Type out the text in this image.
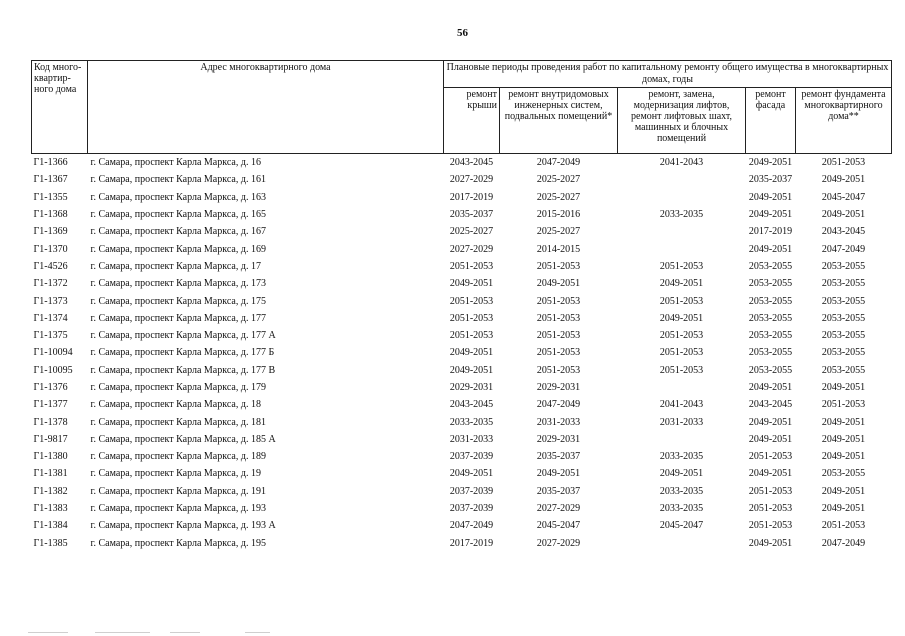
56
Код много-квартир-ного дома	Адрес многоквартирного дома	Плановые периоды проведения работ по капитальному ремонту общего имущества в многоквартирных домах, годы				
		ремонт крыши	ремонт внутридомовых инженерных систем, подвальных помещений*	ремонт, замена, модернизация лифтов, ремонт лифтовых шахт, машинных и блочных помещений	ремонт фасада	ремонт фундамента многоквартирного дома**
Г1-1366	г. Самара, проспект Карла Маркса, д. 16	2043-2045	2047-2049	2041-2043	2049-2051	2051-2053
Г1-1367	г. Самара, проспект Карла Маркса, д. 161	2027-2029	2025-2027		2035-2037	2049-2051
Г1-1355	г. Самара, проспект Карла Маркса, д. 163	2017-2019	2025-2027		2049-2051	2045-2047
Г1-1368	г. Самара, проспект Карла Маркса, д. 165	2035-2037	2015-2016	2033-2035	2049-2051	2049-2051
Г1-1369	г. Самара, проспект Карла Маркса, д. 167	2025-2027	2025-2027		2017-2019	2043-2045
Г1-1370	г. Самара, проспект Карла Маркса, д. 169	2027-2029	2014-2015		2049-2051	2047-2049
Г1-4526	г. Самара, проспект Карла Маркса, д. 17	2051-2053	2051-2053	2051-2053	2053-2055	2053-2055
Г1-1372	г. Самара, проспект Карла Маркса, д. 173	2049-2051	2049-2051	2049-2051	2053-2055	2053-2055
Г1-1373	г. Самара, проспект Карла Маркса, д. 175	2051-2053	2051-2053	2051-2053	2053-2055	2053-2055
Г1-1374	г. Самара, проспект Карла Маркса, д. 177	2051-2053	2051-2053	2049-2051	2053-2055	2053-2055
Г1-1375	г. Самара, проспект Карла Маркса, д. 177 А	2051-2053	2051-2053	2051-2053	2053-2055	2053-2055
Г1-10094	г. Самара, проспект Карла Маркса, д. 177 Б	2049-2051	2051-2053	2051-2053	2053-2055	2053-2055
Г1-10095	г. Самара, проспект Карла Маркса, д. 177 В	2049-2051	2051-2053	2051-2053	2053-2055	2053-2055
Г1-1376	г. Самара, проспект Карла Маркса, д. 179	2029-2031	2029-2031		2049-2051	2049-2051
Г1-1377	г. Самара, проспект Карла Маркса, д. 18	2043-2045	2047-2049	2041-2043	2043-2045	2051-2053
Г1-1378	г. Самара, проспект Карла Маркса, д. 181	2033-2035	2031-2033	2031-2033	2049-2051	2049-2051
Г1-9817	г. Самара, проспект Карла Маркса, д. 185 А	2031-2033	2029-2031		2049-2051	2049-2051
Г1-1380	г. Самара, проспект Карла Маркса, д. 189	2037-2039	2035-2037	2033-2035	2051-2053	2049-2051
Г1-1381	г. Самара, проспект Карла Маркса, д. 19	2049-2051	2049-2051	2049-2051	2049-2051	2053-2055
Г1-1382	г. Самара, проспект Карла Маркса, д. 191	2037-2039	2035-2037	2033-2035	2051-2053	2049-2051
Г1-1383	г. Самара, проспект Карла Маркса, д. 193	2037-2039	2027-2029	2033-2035	2051-2053	2049-2051
Г1-1384	г. Самара, проспект Карла Маркса, д. 193 А	2047-2049	2045-2047	2045-2047	2051-2053	2051-2053
Г1-1385	г. Самара, проспект Карла Маркса, д. 195	2017-2019	2027-2029		2049-2051	2047-2049
